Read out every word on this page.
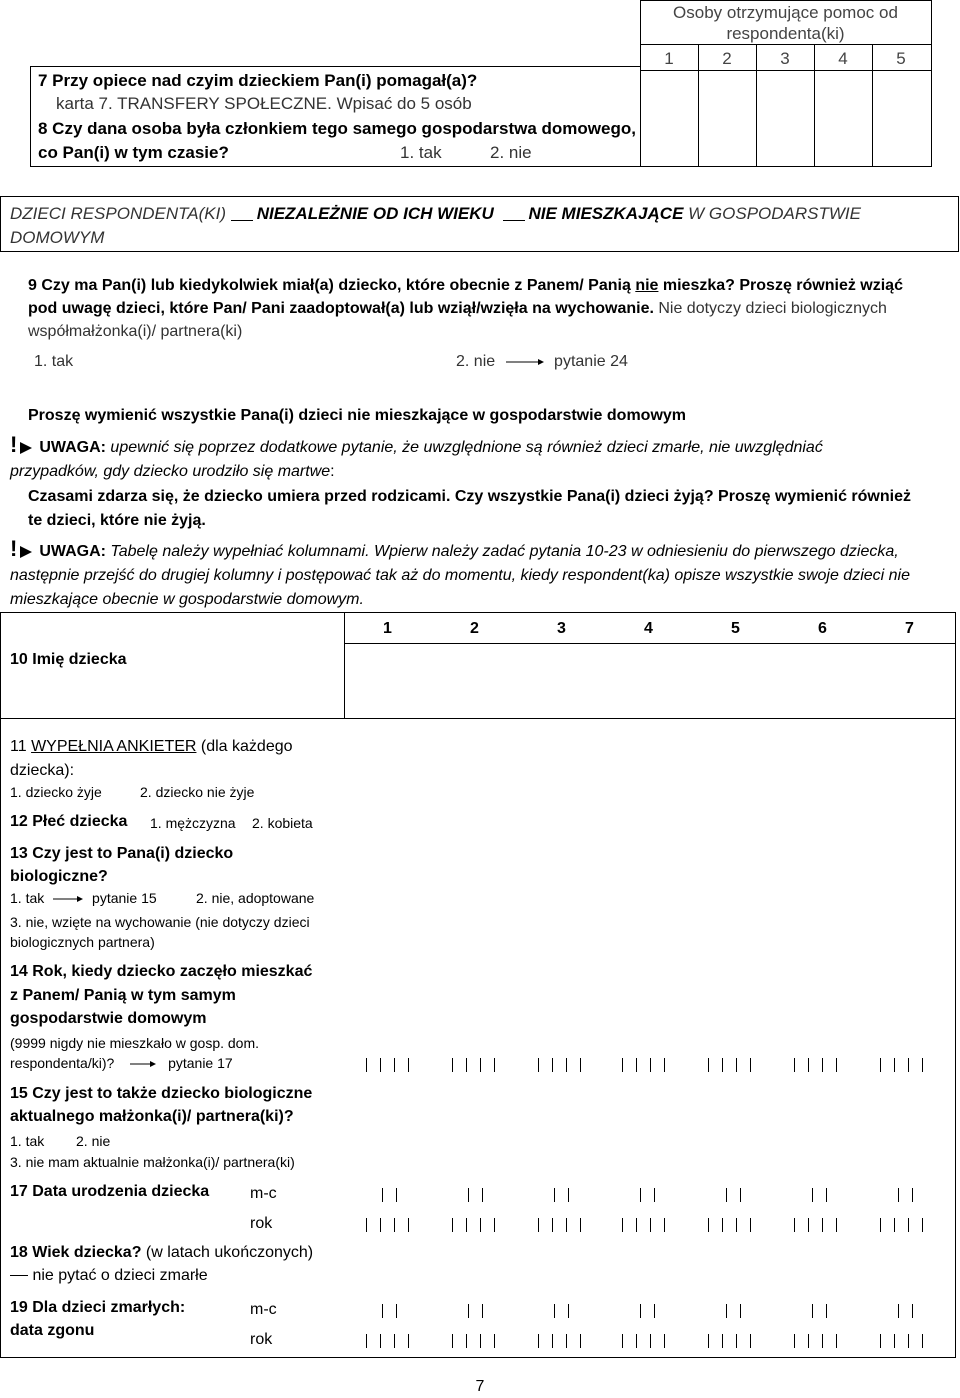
7 Przy opiece nad czyim dzieckiem Pan(i) pomagał(a)?
karta 7. TRANSFERY SPOŁECZNE. Wpisać do 5 osób
8 Czy dana osoba była członkiem tego samego gospodarstwa domowego,
co Pan(i) w tym czasie?	1. tak	2. nie
Osoby otrzymujące pomoc od
respondenta(ki)
1	2	3	4	5
DZIECI RESPONDENTA(KI) NIEZALEŻNIE OD ICH WIEKU NIE MIESZKAJĄCE W GOSPODARSTWIE
DOMOWYM
9 Czy ma Pan(i) lub kiedykolwiek miał(a) dziecko, które obecnie z Panem/ Panią nie mieszka? Proszę również wziąć
pod uwagę dzieci, które Pan/ Pani zaadoptował(a) lub wziął/wzięła na wychowanie. Nie dotyczy dzieci biologicznych
współmałżonka(i)/ partnera(ki)
1. tak	2. nie	pytanie 24
Proszę wymienić wszystkie Pana(i) dzieci nie mieszkające w gospodarstwie domowym
! UWAGA: upewnić się poprzez dodatkowe pytanie, że uwzględnione są również dzieci zmarłe, nie uwzględniać
przypadków, gdy dziecko urodziło się martwe:
Czasami zdarza się, że dziecko umiera przed rodzicami. Czy wszystkie Pana(i) dzieci żyją? Proszę wymienić również
te dzieci, które nie żyją.
! UWAGA: Tabelę należy wypełniać kolumnami. Wpierw należy zadać pytania 10-23 w odniesieniu do pierwszego dziecka,
następnie przejść do drugiej kolumny i postępować tak aż do momentu, kiedy respondent(ka) opisze wszystkie swoje dzieci nie
mieszkające obecnie w gospodarstwie domowym.
1	2	3	4	5	6	7
10 Imię dziecka
11 WYPEŁNIA ANKIETER (dla każdego
dziecka):
1. dziecko żyje	2. dziecko nie żyje
12 Płeć dziecka 1. mężczyzna 2. kobieta
13 Czy jest to Pana(i) dziecko
biologiczne?
1. tak	pytanie 15	2. nie, adoptowane
3. nie, wzięte na wychowanie (nie dotyczy dzieci
biologicznych partnera)
14 Rok, kiedy dziecko zaczęło mieszkać
z Panem/ Panią w tym samym
gospodarstwie domowym
(9999 nigdy nie mieszkało w gosp. dom.
respondenta/ki)?	pytanie 17
15 Czy jest to także dziecko biologiczne
aktualnego małżonka(i)/ partnera(ki)?
1. tak 2. nie
3. nie mam aktualnie małżonka(i)/ partnera(ki)
17 Data urodzenia dziecka	m-c
rok
18 Wiek dziecka? (w latach ukończonych)
nie pytać o dzieci zmarłe
19 Dla dzieci zmarłych:
data zgonu
m-c
rok
7
